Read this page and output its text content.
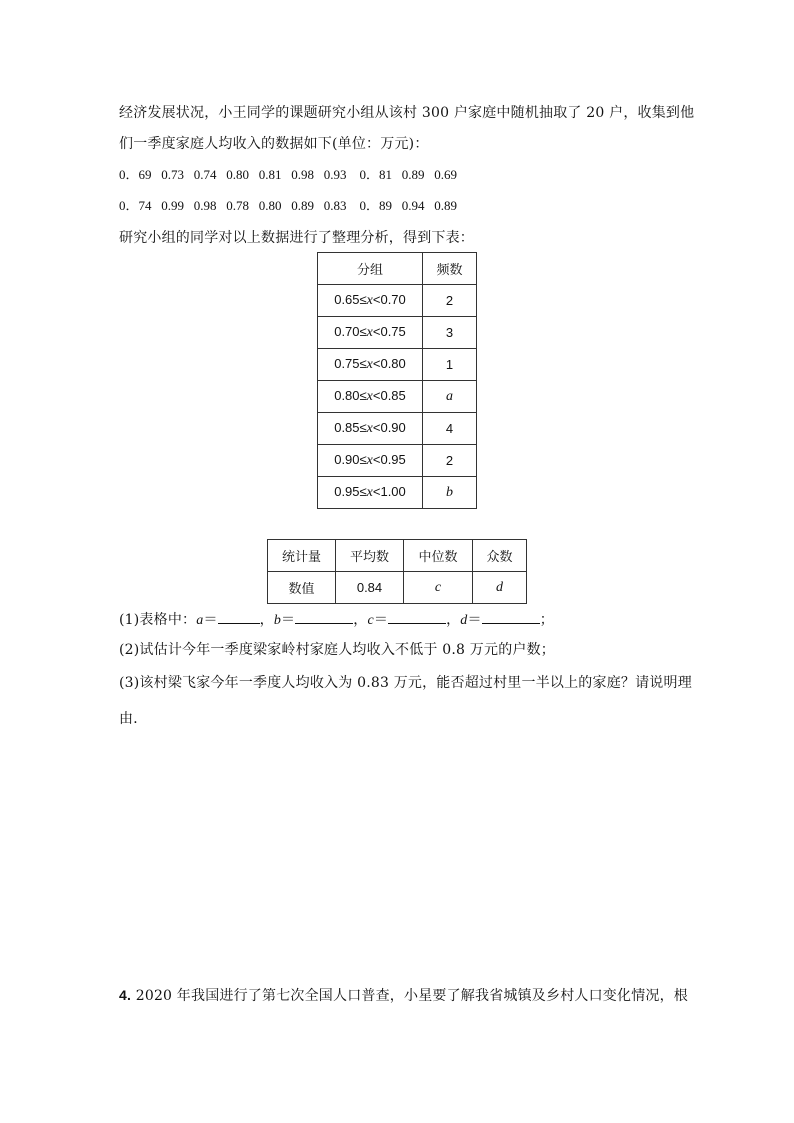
经济发展状况，小王同学的课题研究小组从该村 300 户家庭中随机抽取了 20 户，收集到他
们一季度家庭人均收入的数据如下(单位：万元)：
0．69   0.73   0.74   0.80   0.81   0.98   0.93    0．81   0.89   0.69
0．74   0.99   0.98   0.78   0.80   0.89   0.83    0．89   0.94   0.89
研究小组的同学对以上数据进行了整理分析，得到下表：
分组	频数
0.65≤x<0.70	2
0.70≤x<0.75	3
0.75≤x<0.80	1
0.80≤x<0.85	a
0.85≤x<0.90	4
0.90≤x<0.95	2
0.95≤x<1.00	b
统计量	平均数	中位数	众数
数值	0.84	c	d
(1)表格中：a＝	，b＝	，c＝	，d＝	；
(2)试估计今年一季度梁家岭村家庭人均收入不低于 0.8 万元的户数；
(3)该村梁飞家今年一季度人均收入为 0.83 万元，能否超过村里一半以上的家庭？请说明理
由．
4. 2020 年我国进行了第七次全国人口普查，小星要了解我省城镇及乡村人口变化情况，根
